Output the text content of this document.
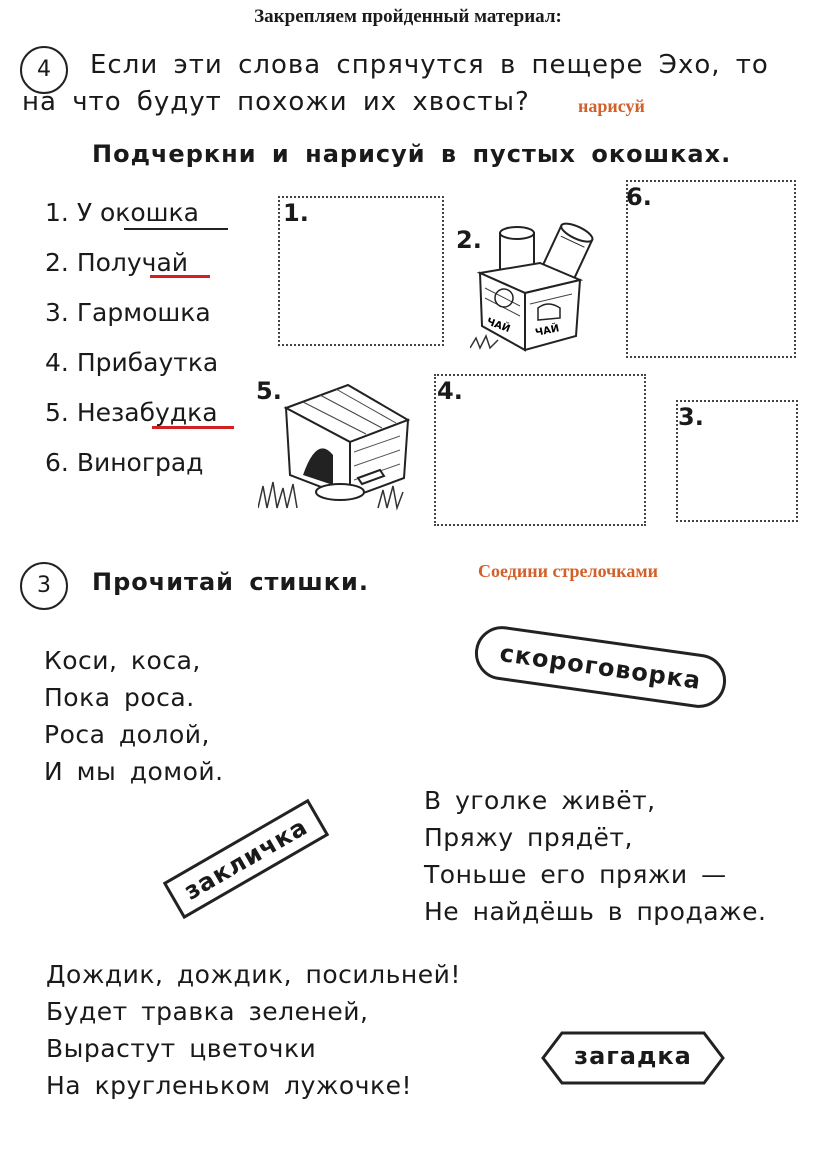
Закрепляем пройденный материал:
4	Если эти слова спрячутся в пещере Эхо, то
на что будут похожи их хвосты?	нарисуй
Подчеркни и нарисуй в пустых окошках.
1. У окошка
2. Получай
3. Гармошка
4. Прибаутка
5. Незабудка
6. Виноград
1.
6.
4.
3.
2.
ЧАЙ ЧАЙ
5.
3	Прочитай стишки.	Соедини стрелочками
Коси, коса,
Пока роса.
Роса долой,
И мы домой.
В уголке живёт,
Пряжу прядёт,
Тоньше его пряжи —
Не найдёшь в продаже.
Дождик, дождик, посильней!
Будет травка зеленей,
Вырастут цветочки
На кругленьком лужочке!
скороговорка
закличка
загадка
